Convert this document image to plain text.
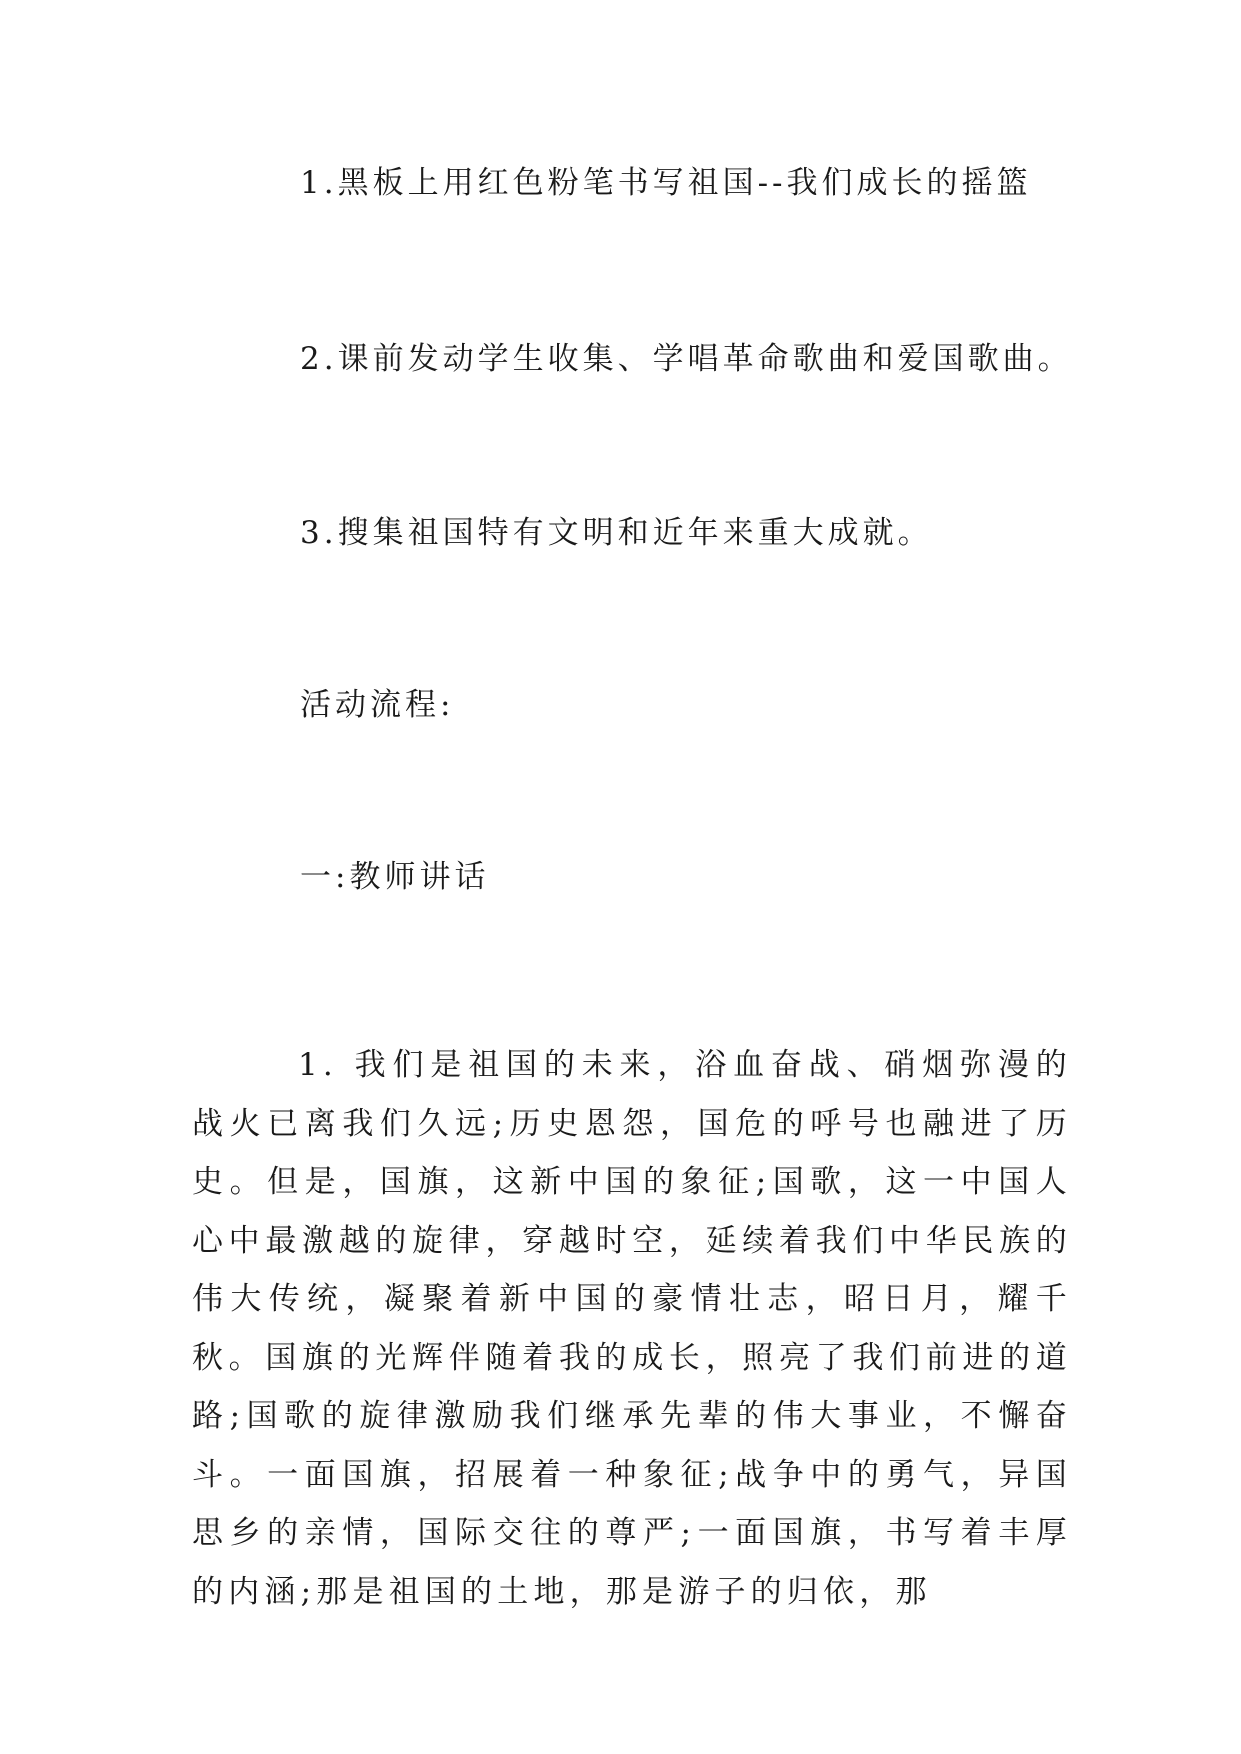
1.黑板上用红色粉笔书写祖国--我们成长的摇篮

2.课前发动学生收集、学唱革命歌曲和爱国歌曲。

3.搜集祖国特有文明和近年来重大成就。

活动流程:

一:教师讲话

1. 我们是祖国的未来，浴血奋战、硝烟弥漫的战火已离我们久远;历史恩怨，国危的呼号也融进了历史。但是，国旗，这新中国的象征;国歌，这一中国人心中最激越的旋律，穿越时空，延续着我们中华民族的伟大传统，凝聚着新中国的豪情壮志，昭日月，耀千秋。国旗的光辉伴随着我的成长，照亮了我们前进的道路;国歌的旋律激励我们继承先辈的伟大事业，不懈奋斗。一面国旗，招展着一种象征;战争中的勇气，异国思乡的亲情，国际交往的尊严;一面国旗，书写着丰厚的内涵;那是祖国的土地，那是游子的归依，那
